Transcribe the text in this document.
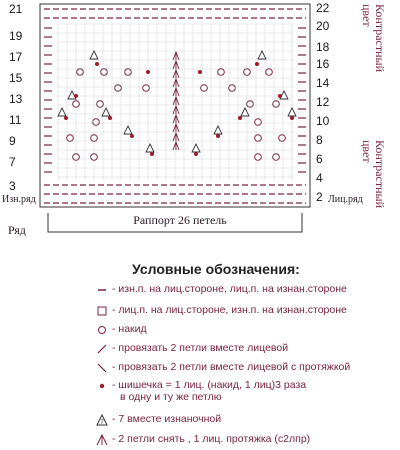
21
19
17
15
13
11
9
7
3
22
20
18
16
14
12
10
8
6
4
2
Контрастный цвет
Контрастный цвет
Изн.ряд	Лиц.ряд
Раппорт 26 петель
Ряд
Условные обозначения:
- изн.п. на лиц.стороне, лиц.п. на изнан.стороне
- лиц.п. на лиц.стороне, изн.п. на изнан.стороне
- накид
- провязать 2 петли вместе лицевой
- провязать 2 петли вместе лицевой с протяжкой
- шишечка = 1 лиц. (накид, 1 лиц)3 раза
в одну и ту же петлю
7 - 7 вместе изнаночной
- 2 петли снять , 1 лиц. протяжка (с2лпр)
